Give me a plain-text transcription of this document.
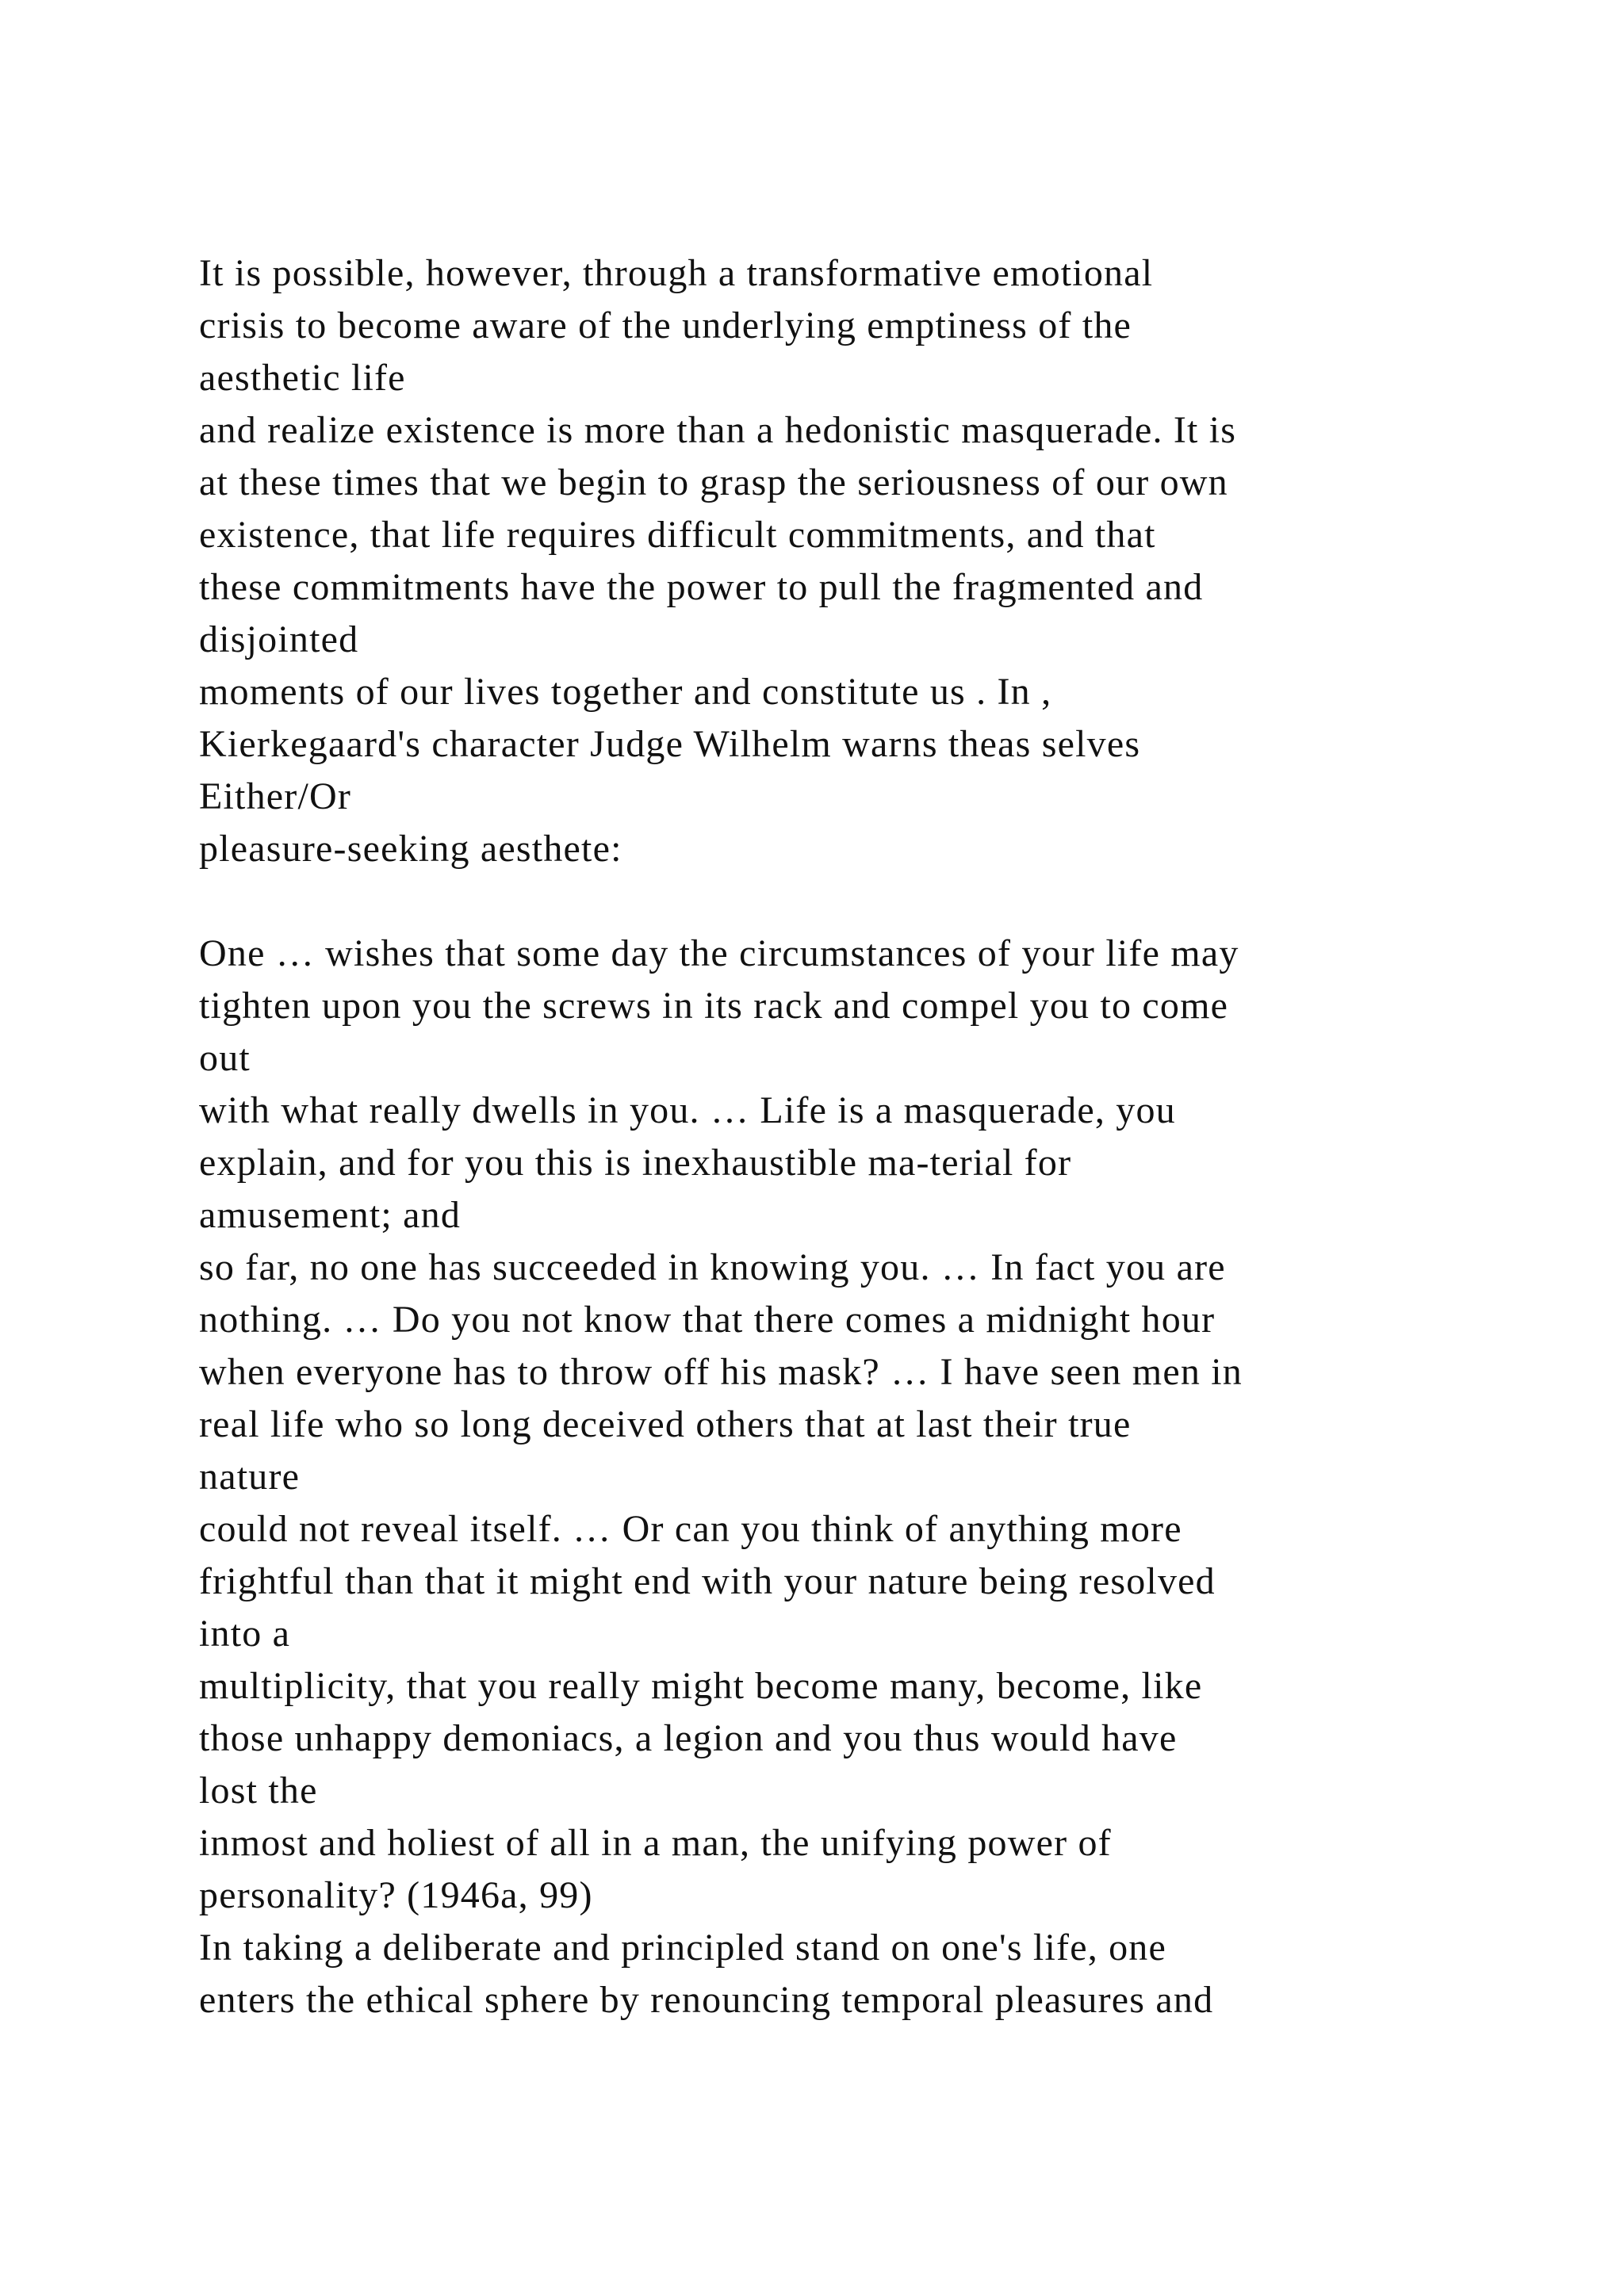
It is possible, however, through a transformative emotional
crisis to become aware of the underlying emptiness of the
aesthetic life
and realize existence is more than a hedonistic masquerade. It is
at these times that we begin to grasp the seriousness of our own
existence, that life requires difficult commitments, and that
these commitments have the power to pull the fragmented and
disjointed
moments of our lives together and constitute us . In ,
Kierkegaard's character Judge Wilhelm warns theas selves
Either/Or
pleasure-seeking aesthete:
One … wishes that some day the circumstances of your life may
tighten upon you the screws in its rack and compel you to come
out
with what really dwells in you. … Life is a masquerade, you
explain, and for you this is inexhaustible ma-terial for
amusement; and
so far, no one has succeeded in knowing you. … In fact you are
nothing. … Do you not know that there comes a midnight hour
when everyone has to throw off his mask? … I have seen men in
real life who so long deceived others that at last their true
nature
could not reveal itself. … Or can you think of anything more
frightful than that it might end with your nature being resolved
into a
multiplicity, that you really might become many, become, like
those unhappy demoniacs, a legion and you thus would have
lost the
inmost and holiest of all in a man, the unifying power of
personality? (1946a, 99)
In taking a deliberate and principled stand on one's life, one
enters the ethical sphere by renouncing temporal pleasures and
